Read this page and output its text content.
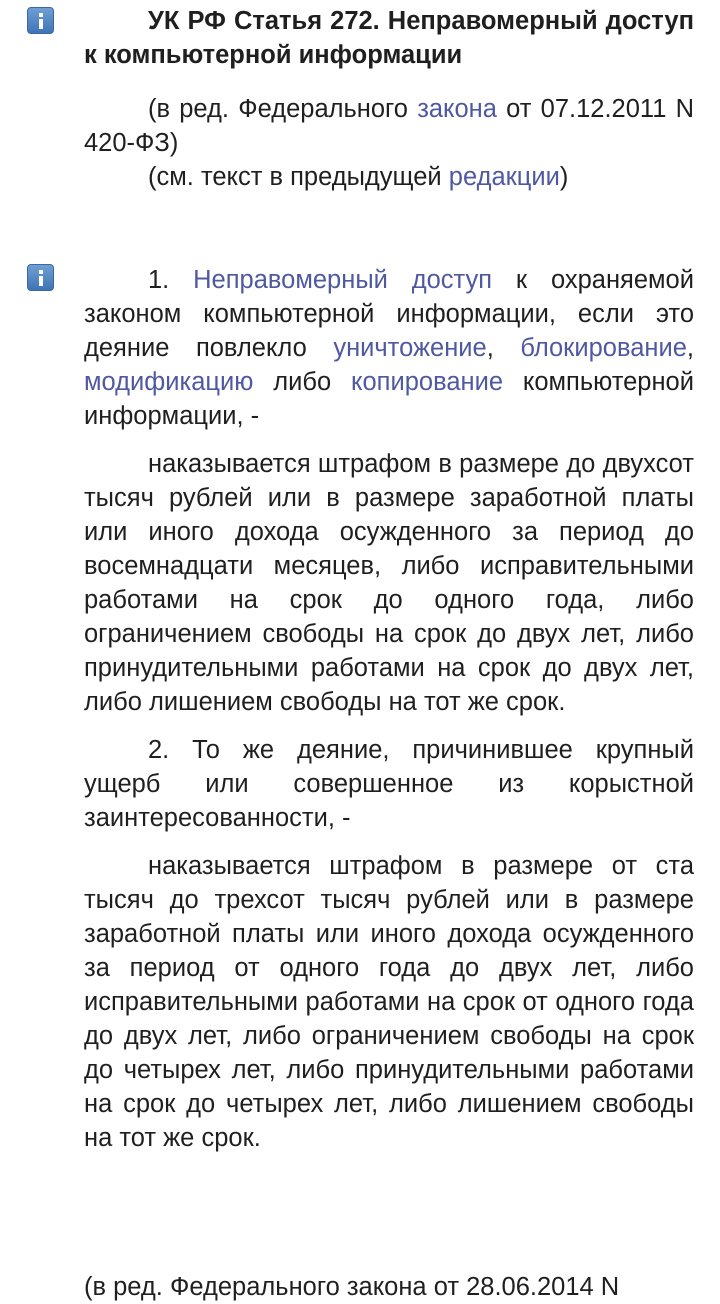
УК РФ Статья 272. Неправомерный доступ к компьютерной информации

(в ред. Федерального закона от 07.12.2011 N 420-ФЗ)

(см. текст в предыдущей редакции)

1. Неправомерный доступ к охраняемой законом компьютерной информации, если это деяние повлекло уничтожение, блокирование, модификацию либо копирование компьютерной информации, -

наказывается штрафом в размере до двухсот тысяч рублей или в размере заработной платы или иного дохода осужденного за период до восемнадцати месяцев, либо исправительными работами на срок до одного года, либо ограничением свободы на срок до двух лет, либо принудительными работами на срок до двух лет, либо лишением свободы на тот же срок.

2. То же деяние, причинившее крупный ущерб или совершенное из корыстной заинтересованности, -

наказывается штрафом в размере от ста тысяч до трехсот тысяч рублей или в размере заработной платы или иного дохода осужденного за период от одного года до двух лет, либо исправительными работами на срок от одного года до двух лет, либо ограничением свободы на срок до четырех лет, либо принудительными работами на срок до четырех лет, либо лишением свободы на тот же срок.

(в ред. Федерального закона от 28.06.2014 N
